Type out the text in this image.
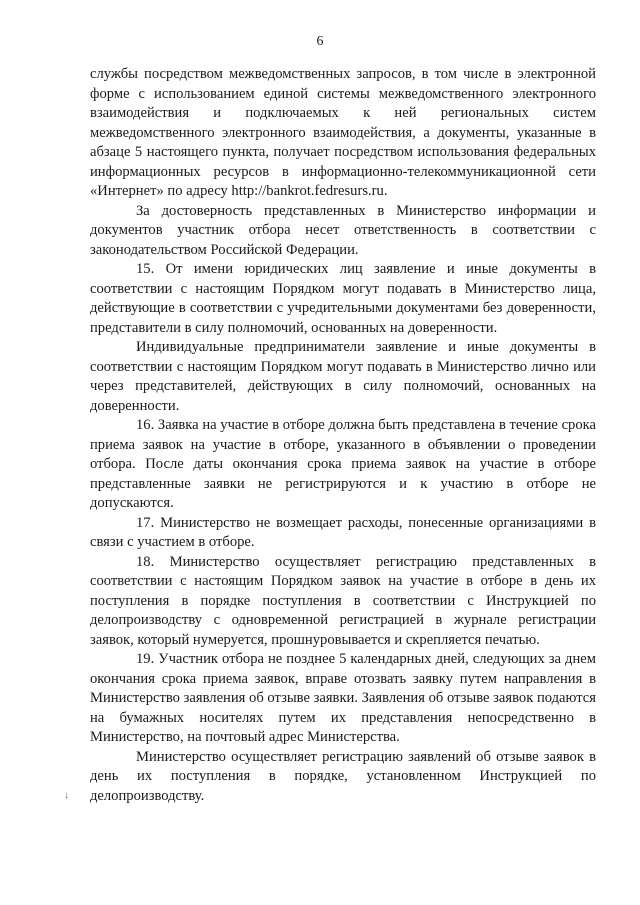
6

службы посредством межведомственных запросов, в том числе в электронной форме с использованием единой системы межведомственного электронного взаимодействия и подключаемых к ней региональных систем межведомственного электронного взаимодействия, а документы, указанные в абзаце 5 настоящего пункта, получает посредством использования федеральных информационных ресурсов в информационно-телекоммуникационной сети «Интернет» по адресу http://bankrot.fedresurs.ru.

За достоверность представленных в Министерство информации и документов участник отбора несет ответственность в соответствии с законодательством Российской Федерации.

15. От имени юридических лиц заявление и иные документы в соответствии с настоящим Порядком могут подавать в Министерство лица, действующие в соответствии с учредительными документами без доверенности, представители в силу полномочий, основанных на доверенности.

Индивидуальные предприниматели заявление и иные документы в соответствии с настоящим Порядком могут подавать в Министерство лично или через представителей, действующих в силу полномочий, основанных на доверенности.

16. Заявка на участие в отборе должна быть представлена в течение срока приема заявок на участие в отборе, указанного в объявлении о проведении отбора. После даты окончания срока приема заявок на участие в отборе представленные заявки не регистрируются и к участию в отборе не допускаются.

17. Министерство не возмещает расходы, понесенные организациями в связи с участием в отборе.

18. Министерство осуществляет регистрацию представленных в соответствии с настоящим Порядком заявок на участие в отборе в день их поступления в порядке поступления в соответствии с Инструкцией по делопроизводству с одновременной регистрацией в журнале регистрации заявок, который нумеруется, прошнуровывается и скрепляется печатью.

19. Участник отбора не позднее 5 календарных дней, следующих за днем окончания срока приема заявок, вправе отозвать заявку путем направления в Министерство заявления об отзыве заявки. Заявления об отзыве заявок подаются на бумажных носителях путем их представления непосредственно в Министерство, на почтовый адрес Министерства.

Министерство осуществляет регистрацию заявлений об отзыве заявок в день их поступления в порядке, установленном Инструкцией по делопроизводству.

↓
